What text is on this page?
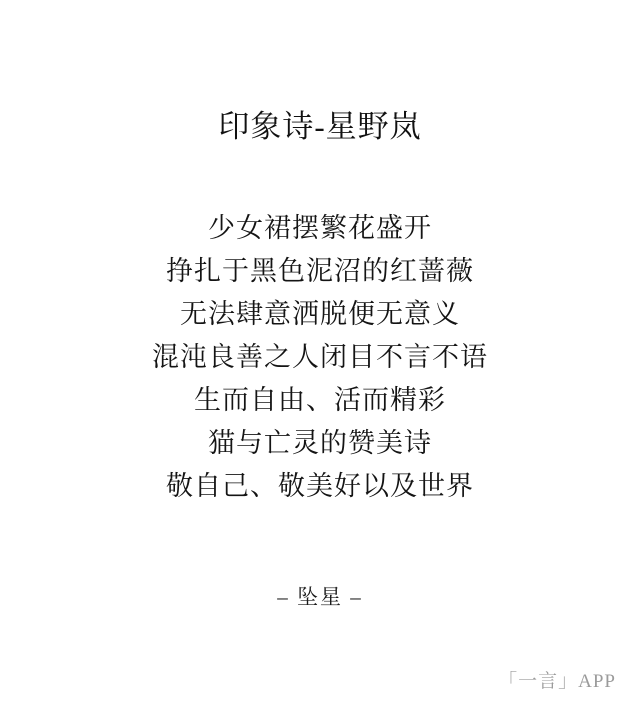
印象诗-星野岚
少女裙摆繁花盛开
挣扎于黑色泥沼的红蔷薇
无法肆意洒脱便无意义
混沌良善之人闭目不言不语
生而自由、活而精彩
猫与亡灵的赞美诗
敬自己、敬美好以及世界
– 坠星 –
「一言」APP
